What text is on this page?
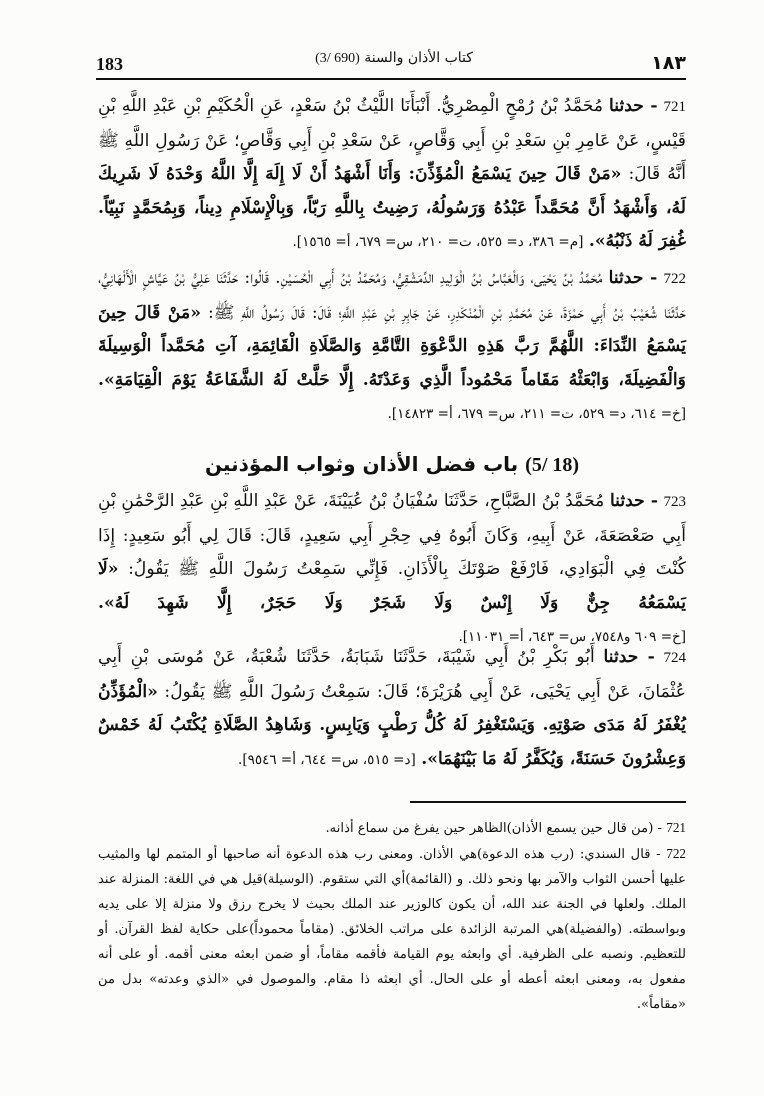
183	كتاب الأذان والسنة (3/ 690)	١٨٣

721 - حدثنا مُحَمَّدُ بْنُ رُمْحٍ الْمِصْرِيُّ. أَنْبَأَنَا اللَّيْثُ بْنُ سَعْدٍ، عَنِ الْحُكَيْمِ بْنِ عَبْدِ اللَّهِ بْنِ قَيْسٍ، عَنْ عَامِرِ بْنِ سَعْدِ بْنِ أَبِي وَقَّاصٍ، عَنْ سَعْدِ بْنِ أَبِي وَقَّاصٍ؛ عَنْ رَسُولِ اللَّهِ ﷺ أَنَّهُ قَالَ: «مَنْ قَالَ حِينَ يَسْمَعُ الْمُؤَذِّنَ: وَأَنَا أَشْهَدُ أَنْ لَا إِلَهَ إِلَّا اللَّهُ وَحْدَهُ لَا شَرِيكَ لَهُ، وَأَشْهَدُ أَنَّ مُحَمَّداً عَبْدُهُ وَرَسُولُهُ، رَضِيتُ بِاللَّهِ رَبّاً، وَبِالْإِسْلَامِ دِيناً، وَبِمُحَمَّدٍ نَبِيّاً. غُفِرَ لَهُ ذَنْبُهُ». [م= ٣٨٦، د= ٥٢٥، ت= ٢١٠، س= ٦٧٩، أ= ١٥٦٥].

722 - حدثنا مُحَمَّدُ بْنُ يَحْيَى، وَالْعَبَّاسُ بْنُ الْوَلِيدِ الدِّمَشْقِيُّ، وَمُحَمَّدُ بْنُ أَبِي الْحُسَيْنِ. قَالُوا: حَدَّثَنَا عَلِيُّ بْنُ عَيَّاشٍ الْأَلْهَانِيُّ، حَدَّثَنَا شُعَيْبُ بْنُ أَبِي حَمْزَةَ، عَنْ مُحَمَّدِ بْنِ الْمُنْكَدِرِ، عَنْ جَابِرِ بْنِ عَبْدِ اللَّهِ؛ قَالَ: قَالَ رَسُولُ اللَّهِ ﷺ: «مَنْ قَالَ حِينَ يَسْمَعُ النِّدَاءَ: اللَّهُمَّ رَبَّ هَذِهِ الدَّعْوَةِ التَّامَّةِ وَالصَّلَاةِ الْقَائِمَةِ، آتِ مُحَمَّداً الْوَسِيلَةَ وَالْفَضِيلَةَ، وَابْعَثْهُ مَقَاماً مَحْمُوداً الَّذِي وَعَدْتَهُ. إِلَّا حَلَّتْ لَهُ الشَّفَاعَةُ يَوْمَ الْقِيَامَةِ». [خ= ٦١٤، د= ٥٢٩، ت= ٢١١، س= ٦٧٩، أ= ١٤٨٢٣].

(5/ 18) باب فضل الأذان وثواب المؤذنين

723 - حدثنا مُحَمَّدُ بْنُ الصَّبَّاحِ، حَدَّثَنَا سُفْيَانُ بْنُ عُيَيْنَةَ، عَنْ عَبْدِ اللَّهِ بْنِ عَبْدِ الرَّحْمَٰنِ بْنِ أَبِي صَعْصَعَةَ، عَنْ أَبِيهِ، وَكَانَ أَبُوهُ فِي حِجْرِ أَبِي سَعِيدٍ، قَالَ: قَالَ لِي أَبُو سَعِيدٍ: إِذَا كُنْتَ فِي الْبَوَادِي، فَارْفَعْ صَوْتَكَ بِالْأَذَانِ. فَإِنِّي سَمِعْتُ رَسُولَ اللَّهِ ﷺ يَقُولُ: «لَا يَسْمَعُهُ جِنٌّ وَلَا إِنْسٌ وَلَا شَجَرٌ وَلَا حَجَرٌ، إِلَّا شَهِدَ لَهُ». [خ= ٦٠٩ و٧٥٤٨، س= ٦٤٣، أ= ١١٠٣١].

724 - حدثنا أَبُو بَكْرِ بْنُ أَبِي شَيْبَةَ، حَدَّثَنَا شَبَابَةُ، حَدَّثَنَا شُعْبَةُ، عَنْ مُوسَى بْنِ أَبِي عُثْمَانَ، عَنْ أَبِي يَحْيَى، عَنْ أَبِي هُرَيْرَةَ؛ قَالَ: سَمِعْتُ رَسُولَ اللَّهِ ﷺ يَقُولُ: «الْمُؤَذِّنُ يُغْفَرُ لَهُ مَدَى صَوْتِهِ. وَيَسْتَغْفِرُ لَهُ كُلُّ رَطْبٍ وَيَابِسٍ. وَشَاهِدُ الصَّلَاةِ يُكْتَبُ لَهُ خَمْسٌ وَعِشْرُونَ حَسَنَةً، وَيُكَفَّرُ لَهُ مَا بَيْنَهُمَا». [د= ٥١٥، س= ٦٤٤، أ= ٩٥٤٦].

721 - (من قال حين يسمع الأذان)الظاهر حين يفرغ من سماع أذانه.

722 - قال السندي: (رب هذه الدعوة)هي الأذان. ومعنى رب هذه الدعوة أنه صاحبها أو المتمم لها والمثيب عليها أحسن الثواب والآمر بها ونحو ذلك. و (القائمة)أي التي ستقوم. (الوسيلة)قيل هي في اللغة: المنزلة عند الملك. ولعلها في الجنة عند الله، أن يكون كالوزير عند الملك بحيث لا يخرج رزق ولا منزلة إلا على يديه وبواسطته. (والفضيلة)هي المرتبة الزائدة على مراتب الخلائق. (مقاماً محموداً)على حكاية لفظ القرآن. أو للتعظيم. ونصبه على الظرفية. أي وابعثه يوم القيامة فأقمه مقاماً، أو ضمن ابعثه معنى أقمه. أو على أنه مفعول به، ومعنى ابعثه أعطه أو على الحال. أي ابعثه ذا مقام. والموصول في «الذي وعدته» بدل من «مقاماً».
